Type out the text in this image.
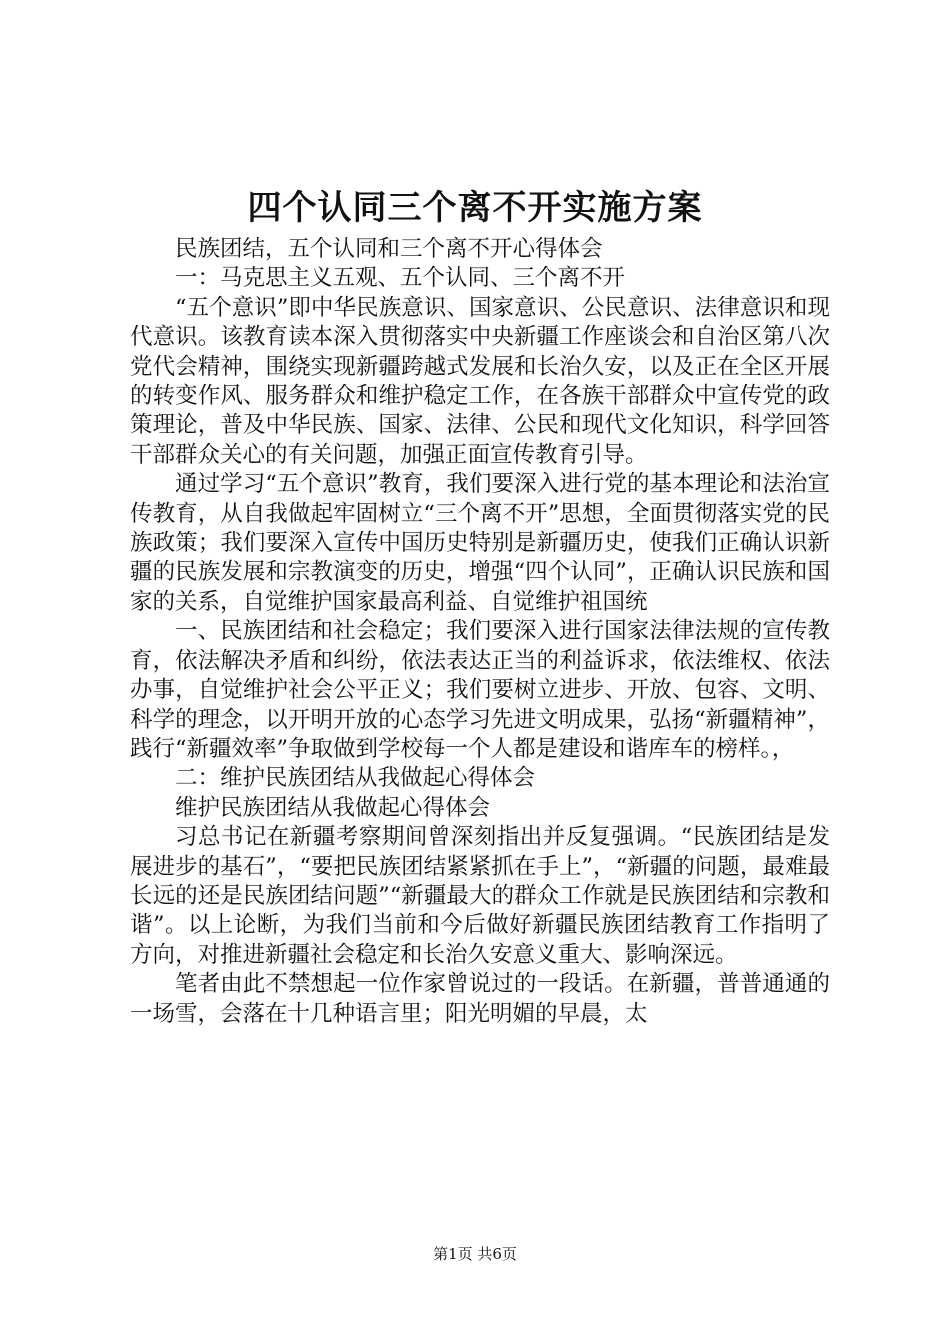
四个认同三个离不开实施方案

民族团结，五个认同和三个离不开心得体会

一：马克思主义五观、五个认同、三个离不开

“五个意识”即中华民族意识、国家意识、公民意识、法律意识和现代意识。该教育读本深入贯彻落实中央新疆工作座谈会和自治区第八次党代会精神，围绕实现新疆跨越式发展和长治久安，以及正在全区开展的转变作风、服务群众和维护稳定工作，在各族干部群众中宣传党的政策理论，普及中华民族、国家、法律、公民和现代文化知识，科学回答干部群众关心的有关问题，加强正面宣传教育引导。

通过学习“五个意识”教育，我们要深入进行党的基本理论和法治宣传教育，从自我做起牢固树立“三个离不开”思想，全面贯彻落实党的民族政策；我们要深入宣传中国历史特别是新疆历史，使我们正确认识新疆的民族发展和宗教演变的历史，增强“四个认同”，正确认识民族和国家的关系，自觉维护国家最高利益、自觉维护祖国统

一、民族团结和社会稳定；我们要深入进行国家法律法规的宣传教育，依法解决矛盾和纠纷，依法表达正当的利益诉求，依法维权、依法办事，自觉维护社会公平正义；我们要树立进步、开放、包容、文明、科学的理念，以开明开放的心态学习先进文明成果，弘扬“新疆精神”，践行“新疆效率”争取做到学校每一个人都是建设和谐库车的榜样。，

二：维护民族团结从我做起心得体会

维护民族团结从我做起心得体会

习总书记在新疆考察期间曾深刻指出并反复强调。“民族团结是发展进步的基石”，“要把民族团结紧紧抓在手上”，“新疆的问题，最难最长远的还是民族团结问题”“新疆最大的群众工作就是民族团结和宗教和谐”。以上论断，为我们当前和今后做好新疆民族团结教育工作指明了方向，对推进新疆社会稳定和长治久安意义重大、影响深远。

笔者由此不禁想起一位作家曾说过的一段话。在新疆，普普通通的一场雪，会落在十几种语言里；阳光明媚的早晨，太

第1页 共6页
